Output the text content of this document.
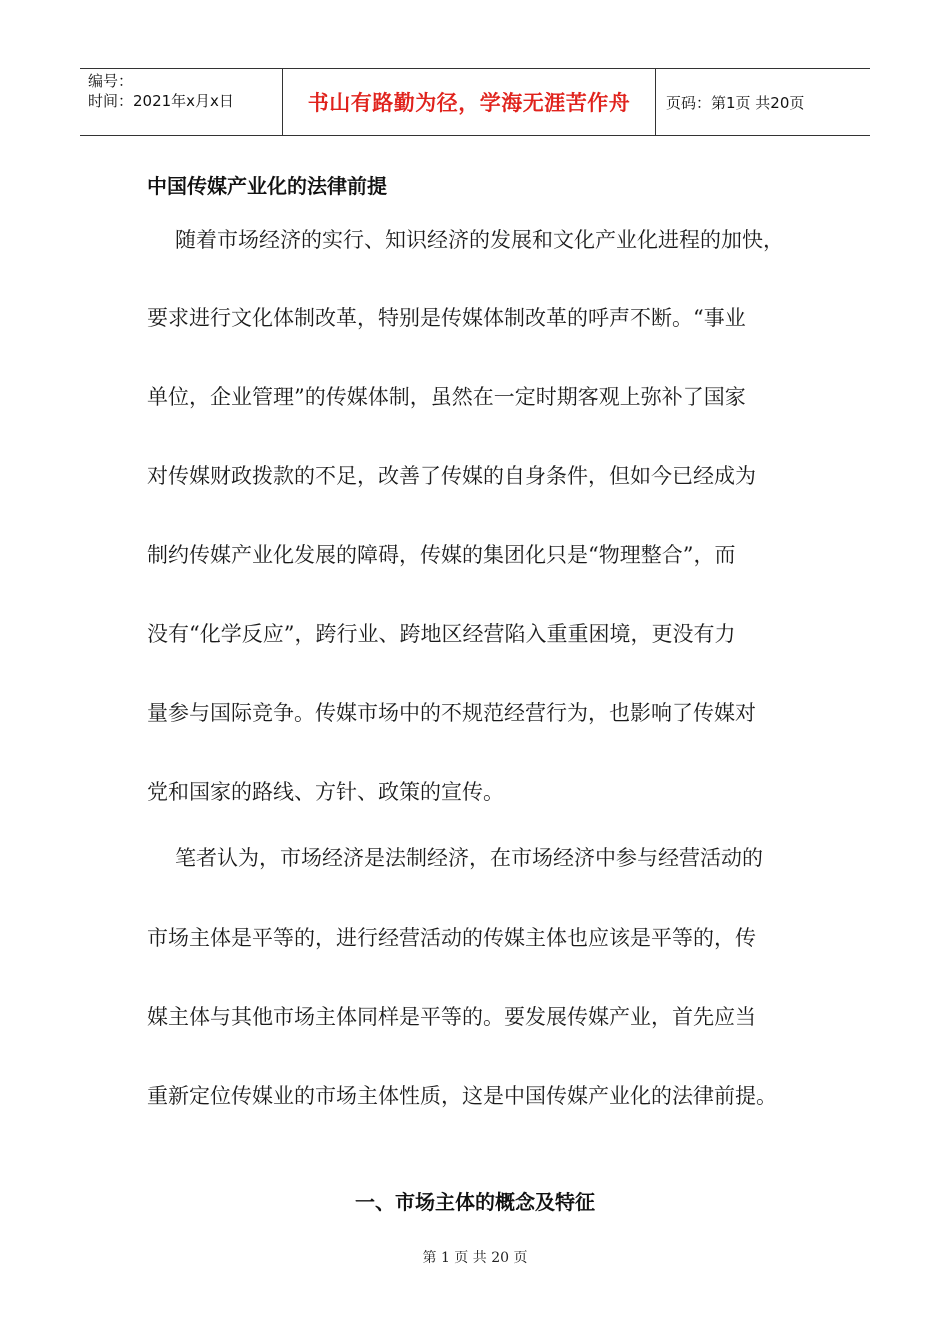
编号：
时间：2021年x月x日	书山有路勤为径，学海无涯苦作舟	页码：第1页 共20页
中国传媒产业化的法律前提
随着市场经济的实行、知识经济的发展和文化产业化进程的加快，
要求进行文化体制改革，特别是传媒体制改革的呼声不断。“事业
单位，企业管理”的传媒体制，虽然在一定时期客观上弥补了国家
对传媒财政拨款的不足，改善了传媒的自身条件，但如今已经成为
制约传媒产业化发展的障碍，传媒的集团化只是“物理整合”，而
没有“化学反应”，跨行业、跨地区经营陷入重重困境，更没有力
量参与国际竞争。传媒市场中的不规范经营行为，也影响了传媒对
党和国家的路线、方针、政策的宣传。
笔者认为，市场经济是法制经济，在市场经济中参与经营活动的
市场主体是平等的，进行经营活动的传媒主体也应该是平等的，传
媒主体与其他市场主体同样是平等的。要发展传媒产业，首先应当
重新定位传媒业的市场主体性质，这是中国传媒产业化的法律前提。
一、市场主体的概念及特征
第 1 页 共 20 页
